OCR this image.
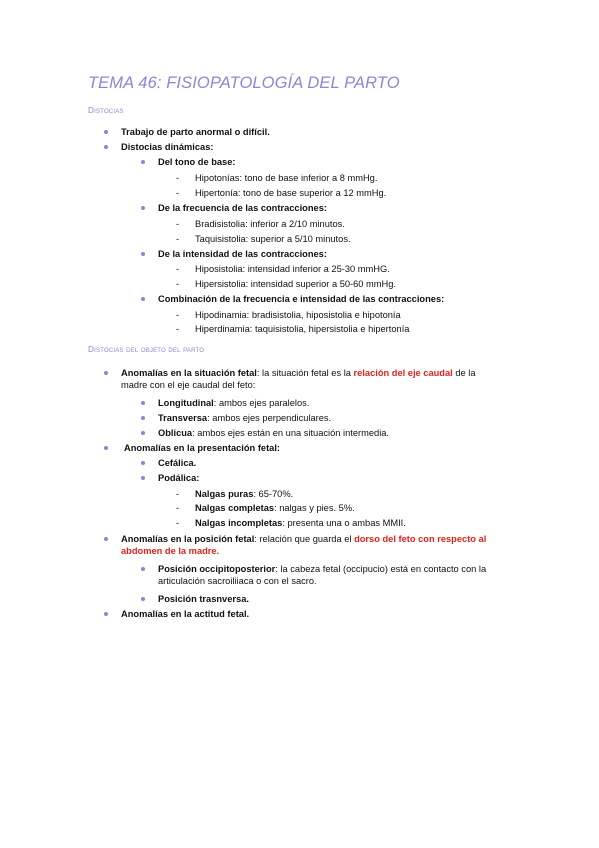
TEMA 46: FISIOPATOLOGÍA DEL PARTO
Distocias
Trabajo de parto anormal o difícil.
Distocias dinámicas:
Del tono de base:
- Hipotonías: tono de base inferior a 8 mmHg.
- Hipertonía: tono de base superior a 12 mmHg.
De la frecuencia de las contracciones:
- Bradisistolia: inferior a 2/10 minutos.
- Taquisistolia: superior a 5/10 minutos.
De la intensidad de las contracciones:
- Hiposistolia: intensidad inferior a 25-30 mmHG.
- Hipersistolia: intensidad superior a 50-60 mmHg.
Combinación de la frecuencia e intensidad de las contracciones:
- Hipodinamia: bradisistolia, hiposistolia e hipotonía
- Hiperdinamia: taquisistolia, hipersistolia e hipertonía
Distocias del objeto del parto
Anomalías en la situación fetal: la situación fetal es la relación del eje caudal de la madre con el eje caudal del feto:
Longitudinal: ambos ejes paralelos.
Transversa: ambos ejes perpendiculares.
Oblicua: ambos ejes están en una situación intermedia.
Anomalías en la presentación fetal:
Cefálica.
Podálica:
- Nalgas puras: 65-70%.
- Nalgas completas: nalgas y pies. 5%.
- Nalgas incompletas: presenta una o ambas MMII.
Anomalías en la posición fetal: relación que guarda el dorso del feto con respecto al abdomen de la madre.
Posición occipitoposterior: la cabeza fetal (occipucio) está en contacto con la articulación sacroiliiaca o con el sacro.
Posición trasnversa.
Anomalías en la actitud fetal.
